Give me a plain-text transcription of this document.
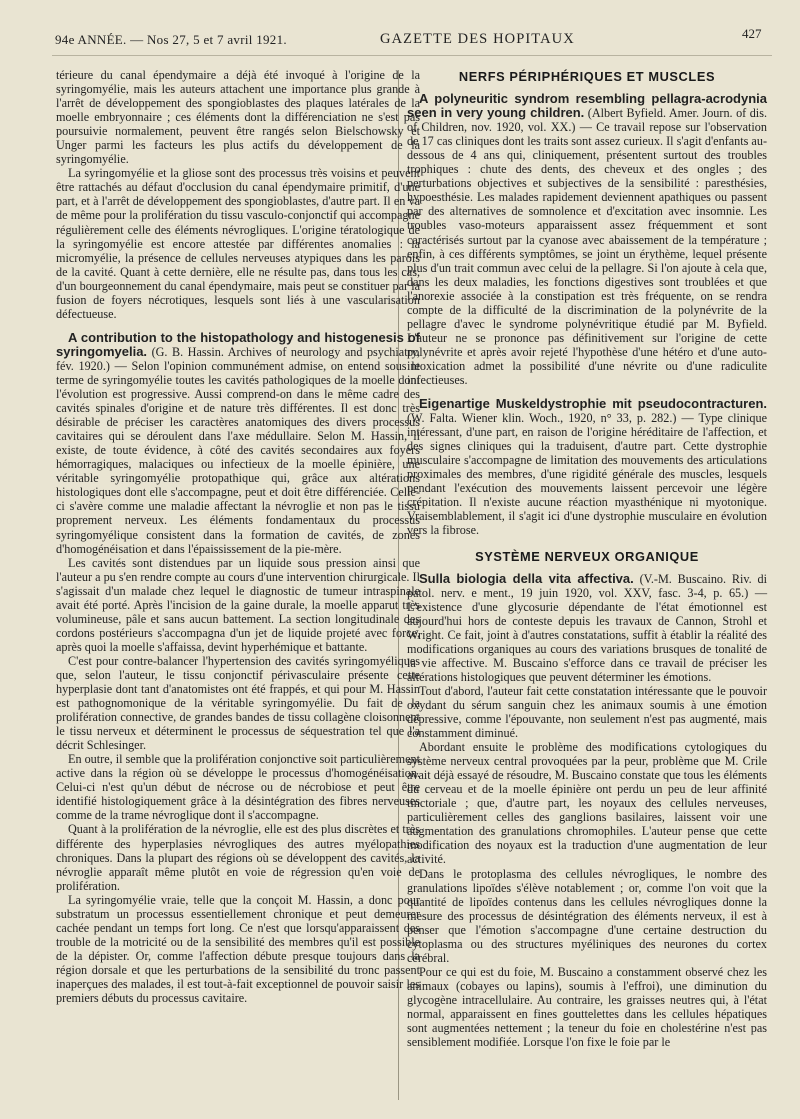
94e ANNÉE. — Nos 27, 5 et 7 avril 1921.	GAZETTE DES HOPITAUX	427

térieure du canal épendymaire a déjà été invoqué à l'origine de la syringomyélie, mais les auteurs attachent une importance plus grande à l'arrêt de développement des spongioblastes des plaques latérales de la moelle embryonnaire ; ces éléments dont la différenciation ne s'est pas poursuivie normalement, peuvent être rangés selon Bielschowsky et Unger parmi les facteurs les plus actifs du développement de la syringomyélie.

La syringomyélie et la gliose sont des processus très voisins et peuvent être rattachés au défaut d'occlusion du canal épendymaire primitif, d'une part, et à l'arrêt de développement des spongioblastes, d'autre part. Il en va de même pour la prolifération du tissu vasculo-conjonctif qui accompagne régulièrement celle des éléments névrogliques. L'origine tératologique de la syringomyélie est encore attestée par différentes anomalies : la micromyélie, la présence de cellules nerveuses atypiques dans les parois de la cavité. Quant à cette dernière, elle ne résulte pas, dans tous les cas, d'un bourgeonnement du canal épendymaire, mais peut se constituer par la fusion de foyers nécrotiques, lesquels sont liés à une vascularisation défectueuse.

A contribution to the histopathology and histogenesis of syringomyelia. (G. B. Hassin. Archives of neurology and psychiatry, fév. 1920.) — Selon l'opinion communément admise, on entend sous le terme de syringomyélie toutes les cavités pathologiques de la moelle dont l'évolution est progressive. Aussi comprend-on dans le même cadre des cavités spinales d'origine et de nature très différentes. Il est donc très désirable de préciser les caractères anatomiques des divers processus cavitaires qui se déroulent dans l'axe médullaire. Selon M. Hassin, il existe, de toute évidence, à côté des cavités secondaires aux foyers hémorragiques, malaciques ou infectieux de la moelle épinière, une véritable syringomyélie protopathique qui, grâce aux altérations histologiques dont elle s'accompagne, peut et doit être différenciée. Celle-ci s'avère comme une maladie affectant la névroglie et non pas le tissu proprement nerveux. Les éléments fondamentaux du processus syringomyélique consistent dans la formation de cavités, de zones d'homogénéisation et dans l'épaississement de la pie-mère.

Les cavités sont distendues par un liquide sous pression ainsi que l'auteur a pu s'en rendre compte au cours d'une intervention chirurgicale. Il s'agissait d'un malade chez lequel le diagnostic de tumeur intraspinale avait été porté. Après l'incision de la gaine durale, la moelle apparut très volumineuse, pâle et sans aucun battement. La section longitudinale des cordons postérieurs s'accompagna d'un jet de liquide projeté avec force, après quoi la moelle s'affaissa, devint hyperhémique et battante.

C'est pour contre-balancer l'hypertension des cavités syringomyéliques que, selon l'auteur, le tissu conjonctif périvasculaire présente cette hyperplasie dont tant d'anatomistes ont été frappés, et qui pour M. Hassin est pathognomonique de la véritable syringomyélie. Du fait de la prolifération connective, de grandes bandes de tissu collagène cloisonnent le tissu nerveux et déterminent le processus de séquestration tel que l'a décrit Schlesinger.

En outre, il semble que la prolifération conjonctive soit particulièrement active dans la région où se développe le processus d'homogénéisation. Celui-ci n'est qu'un début de nécrose ou de nécrobiose et peut être identifié histologiquement grâce à la désintégration des fibres nerveuses comme de la trame névroglique dont il s'accompagne.

Quant à la prolifération de la névroglie, elle est des plus discrètes et très différente des hyperplasies névrogliques des autres myélopathies chroniques. Dans la plupart des régions où se développent des cavités, la névroglie apparaît même plutôt en voie de régression qu'en voie de prolifération.

La syringomyélie vraie, telle que la conçoit M. Hassin, a donc pour substratum un processus essentiellement chronique et peut demeurer cachée pendant un temps fort long. Ce n'est que lorsqu'apparaissent des trouble de la motricité ou de la sensibilité des membres qu'il est possible de la dépister. Or, comme l'affection débute presque toujours dans la région dorsale et que les perturbations de la sensibilité du tronc passent inaperçues des malades, il est tout-à-fait exceptionnel de pouvoir saisir les premiers débuts du processus cavitaire.

NERFS PÉRIPHÉRIQUES ET MUSCLES

A polyneuritic syndrom resembling pellagra-acrodynia seen in very young children. (Albert Byfield. Amer. Journ. of dis. of Children, nov. 1920, vol. XX.) — Ce travail repose sur l'observation de 17 cas cliniques dont les traits sont assez curieux. Il s'agit d'enfants au-dessous de 4 ans qui, cliniquement, présentent surtout des troubles trophiques : chute des dents, des cheveux et des ongles ; des perturbations objectives et subjectives de la sensibilité : paresthésies, hypoesthésie. Les malades rapidement deviennent apathiques ou passent par des alternatives de somnolence et d'excitation avec insomnie. Les troubles vaso-moteurs apparaissent assez fréquemment et sont caractérisés surtout par la cyanose avec abaissement de la température ; enfin, à ces différents symptômes, se joint un érythème, lequel présente plus d'un trait commun avec celui de la pellagre. Si l'on ajoute à cela que, dans les deux maladies, les fonctions digestives sont troublées et que l'anorexie associée à la constipation est très fréquente, on se rendra compte de la difficulté de la discrimination de la polynévrite de la pellagre d'avec le syndrome polynévritique étudié par M. Byfield. L'auteur ne se prononce pas définitivement sur l'origine de cette polynévrite et après avoir rejeté l'hypothèse d'une hétéro et d'une auto-intoxication admet la possibilité d'une névrite ou d'une radiculite infectieuses.

Eigenartige Muskeldystrophie mit pseudocontracturen. (W. Falta. Wiener klin. Woch., 1920, n° 33, p. 282.) — Type clinique intéressant, d'une part, en raison de l'origine héréditaire de l'affection, et des signes cliniques qui la traduisent, d'autre part. Cette dystrophie musculaire s'accompagne de limitation des mouvements des articulations proximales des membres, d'une rigidité générale des muscles, lesquels pendant l'exécution des mouvements laissent percevoir une légère crépitation. Il n'existe aucune réaction myasthénique ni myotonique. Vraisemblablement, il s'agit ici d'une dystrophie musculaire en évolution vers la fibrose.

SYSTÈME NERVEUX ORGANIQUE

Sulla biologia della vita affectiva. (V.-M. Buscaino. Riv. di patol. nerv. e ment., 19 juin 1920, vol. XXV, fasc. 3-4, p. 65.) — L'existence d'une glycosurie dépendante de l'état émotionnel est aujourd'hui hors de conteste depuis les travaux de Cannon, Strohl et Wright. Ce fait, joint à d'autres constatations, suffit à établir la réalité des modifications organiques au cours des variations brusques de tonalité de la vie affective. M. Buscaino s'efforce dans ce travail de préciser les altérations histologiques que peuvent déterminer les émotions.

Tout d'abord, l'auteur fait cette constatation intéressante que le pouvoir oxydant du sérum sanguin chez les animaux soumis à une émotion dépressive, comme l'épouvante, non seulement n'est pas augmenté, mais constamment diminué.

Abordant ensuite le problème des modifications cytologiques du système nerveux central provoquées par la peur, problème que M. Crile avait déjà essayé de résoudre, M. Buscaino constate que tous les éléments du cerveau et de la moelle épinière ont perdu un peu de leur affinité tinctoriale ; que, d'autre part, les noyaux des cellules nerveuses, particulièrement celles des ganglions basilaires, laissent voir une augmentation des granulations chromophiles. L'auteur pense que cette modification des noyaux est la traduction d'une augmentation de leur activité.

Dans le protoplasma des cellules névrogliques, le nombre des granulations lipoïdes s'élève notablement ; or, comme l'on voit que la quantité de lipoïdes contenus dans les cellules névrogliques donne la mesure des processus de désintégration des éléments nerveux, il est à penser que l'émotion s'accompagne d'une certaine destruction du cytoplasma ou des structures myéliniques des neurones du cortex cérébral.

Pour ce qui est du foie, M. Buscaino a constamment observé chez les animaux (cobayes ou lapins), soumis à l'effroi), une diminution du glycogène intracellulaire. Au contraire, les graisses neutres qui, à l'état normal, apparaissent en fines gouttelettes dans les cellules hépatiques sont augmentées nettement ; la teneur du foie en cholestérine n'est pas sensiblement modifiée. Lorsque l'on fixe le foie par le
